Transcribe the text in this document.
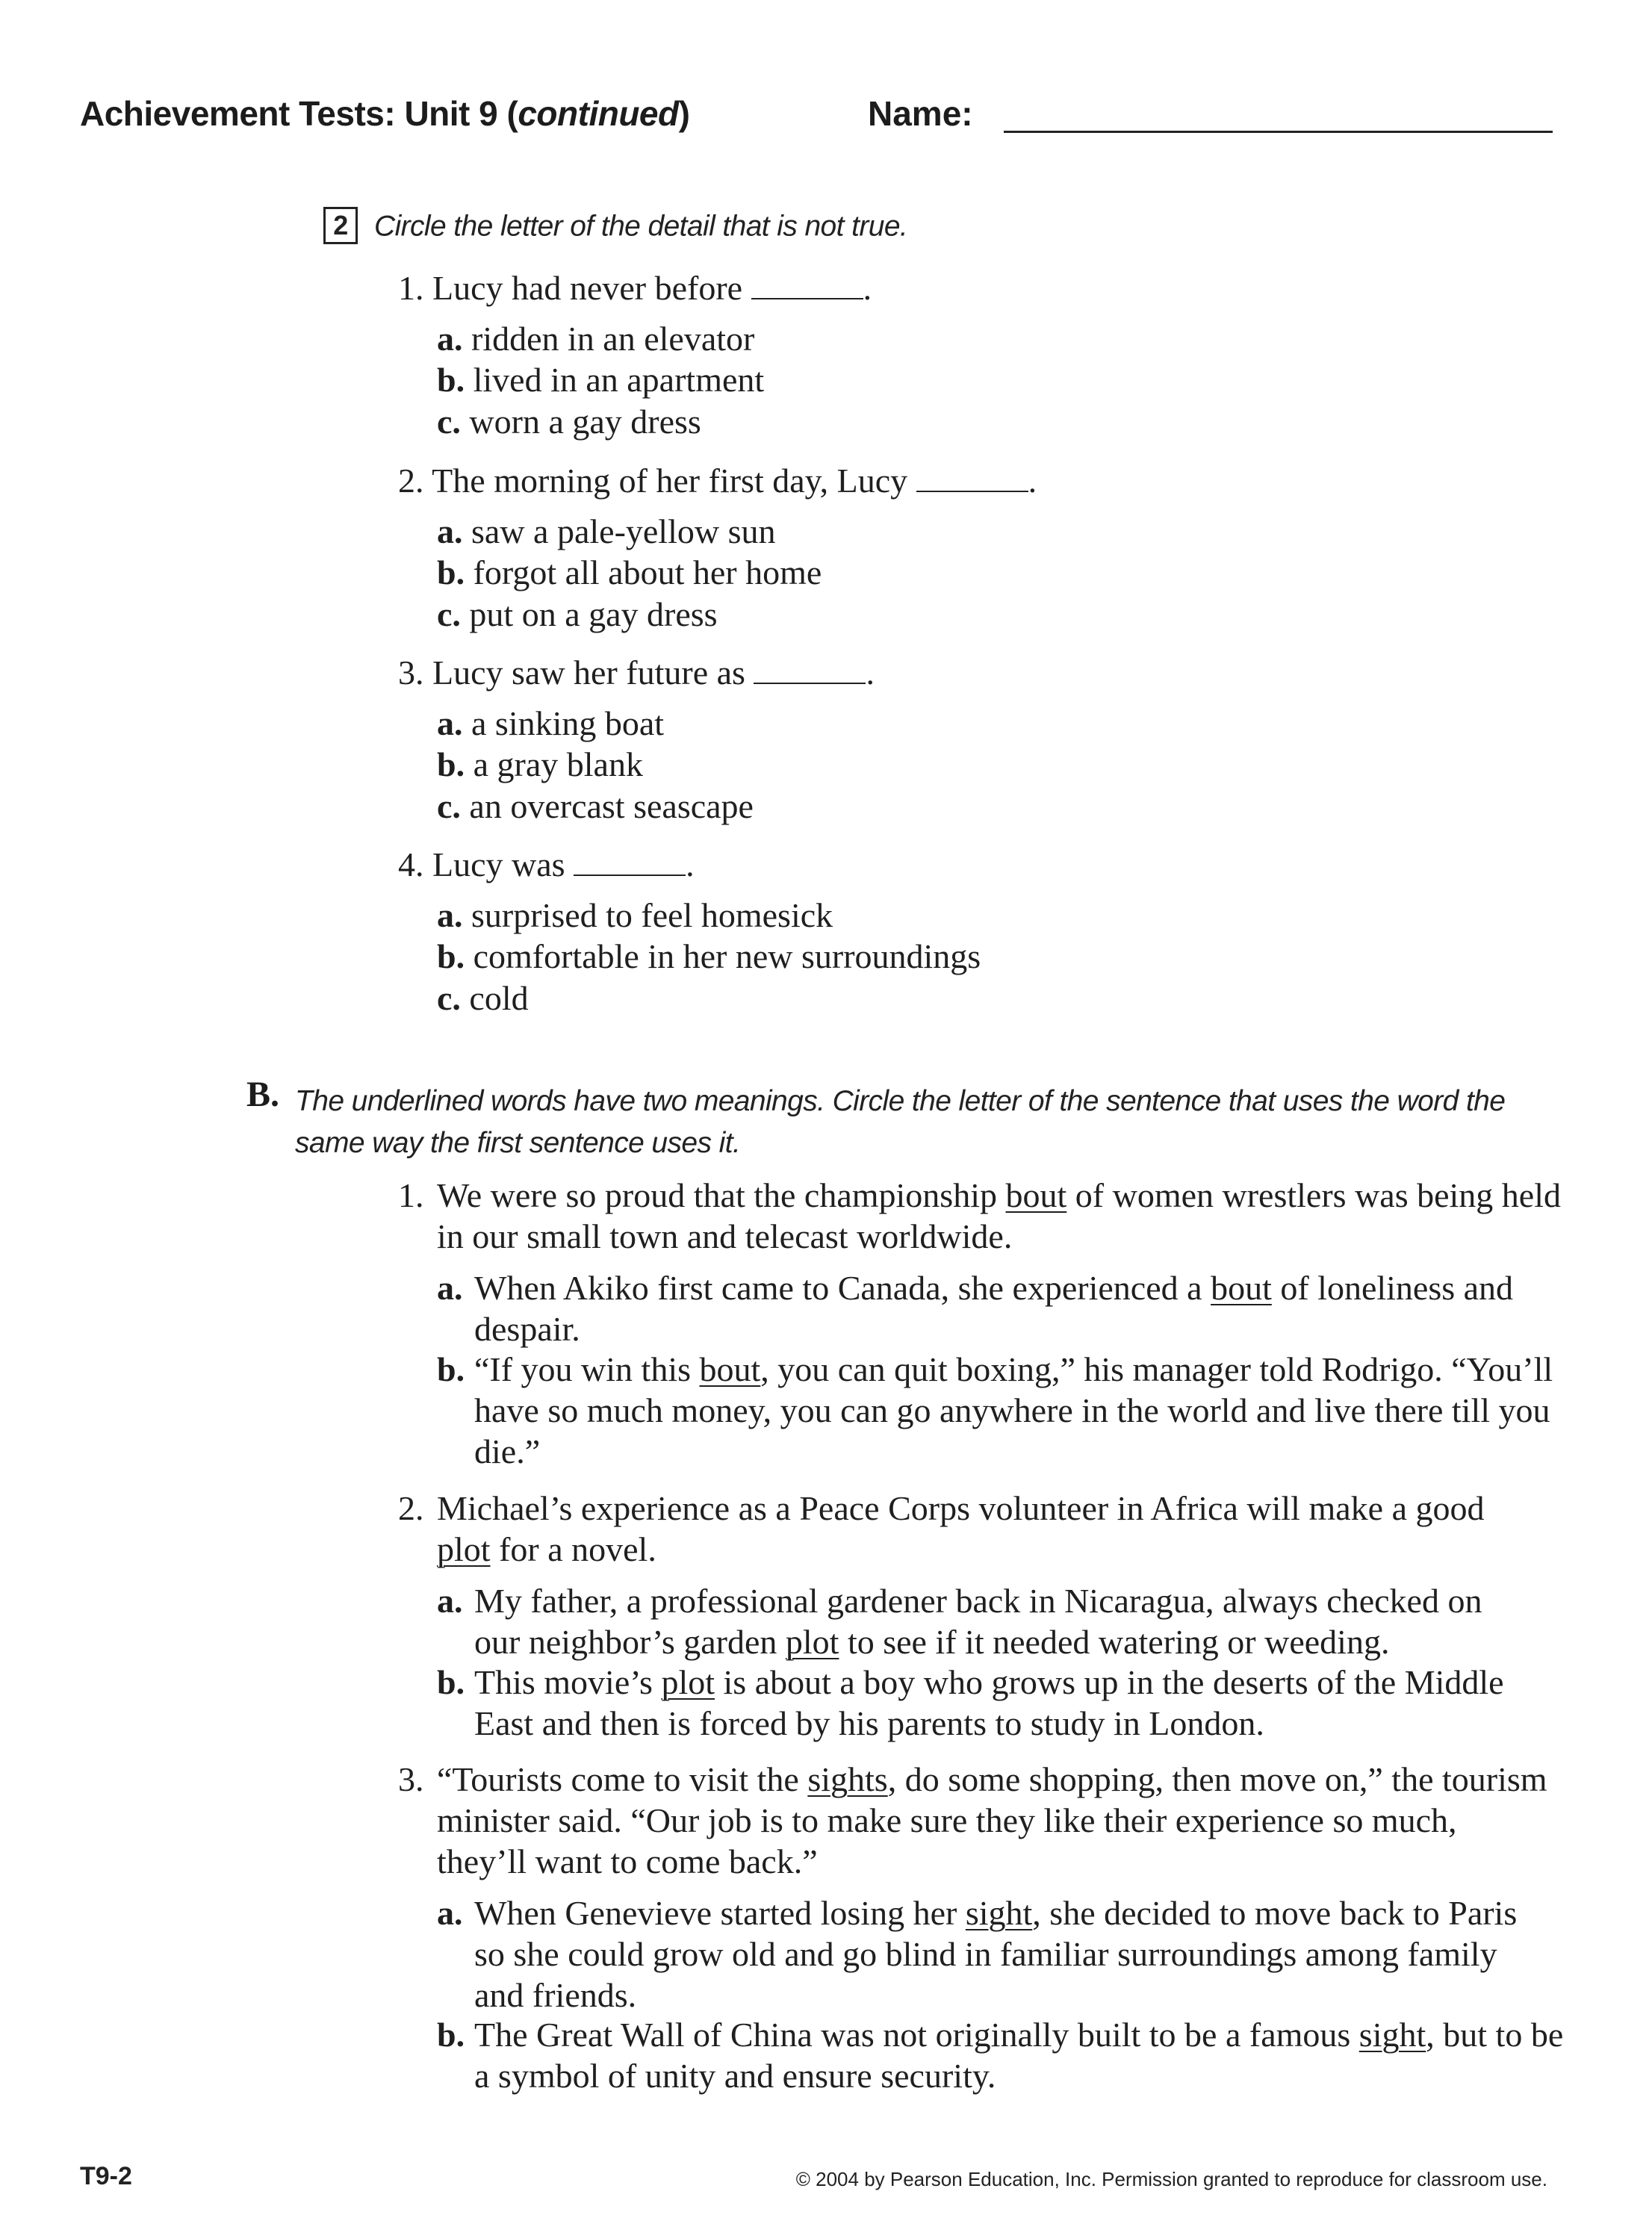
Achievement Tests: Unit 9 (continued)	Name:
2 Circle the letter of the detail that is not true.
1. Lucy had never before	.
a. ridden in an elevator
b. lived in an apartment
c. worn a gay dress
2. The morning of her first day, Lucy	.
a. saw a pale-yellow sun
b. forgot all about her home
c. put on a gay dress
3. Lucy saw her future as	.
a. a sinking boat
b. a gray blank
c. an overcast seascape
4. Lucy was	.
a. surprised to feel homesick
b. comfortable in her new surroundings
c. cold
B. The underlined words have two meanings. Circle the letter of the sentence that uses the word the same way the first sentence uses it.
1. We were so proud that the championship bout of women wrestlers was being held in our small town and telecast worldwide.
a. When Akiko first came to Canada, she experienced a bout of loneliness and despair.
b. “If you win this bout, you can quit boxing,” his manager told Rodrigo. “You’ll have so much money, you can go anywhere in the world and live there till you die.”
2. Michael’s experience as a Peace Corps volunteer in Africa will make a good plot for a novel.
a. My father, a professional gardener back in Nicaragua, always checked on our neighbor’s garden plot to see if it needed watering or weeding.
b. This movie’s plot is about a boy who grows up in the deserts of the Middle East and then is forced by his parents to study in London.
3. “Tourists come to visit the sights, do some shopping, then move on,” the tourism minister said. “Our job is to make sure they like their experience so much, they’ll want to come back.”
a. When Genevieve started losing her sight, she decided to move back to Paris so she could grow old and go blind in familiar surroundings among family and friends.
b. The Great Wall of China was not originally built to be a famous sight, but to be a symbol of unity and ensure security.
T9-2	© 2004 by Pearson Education, Inc. Permission granted to reproduce for classroom use.
